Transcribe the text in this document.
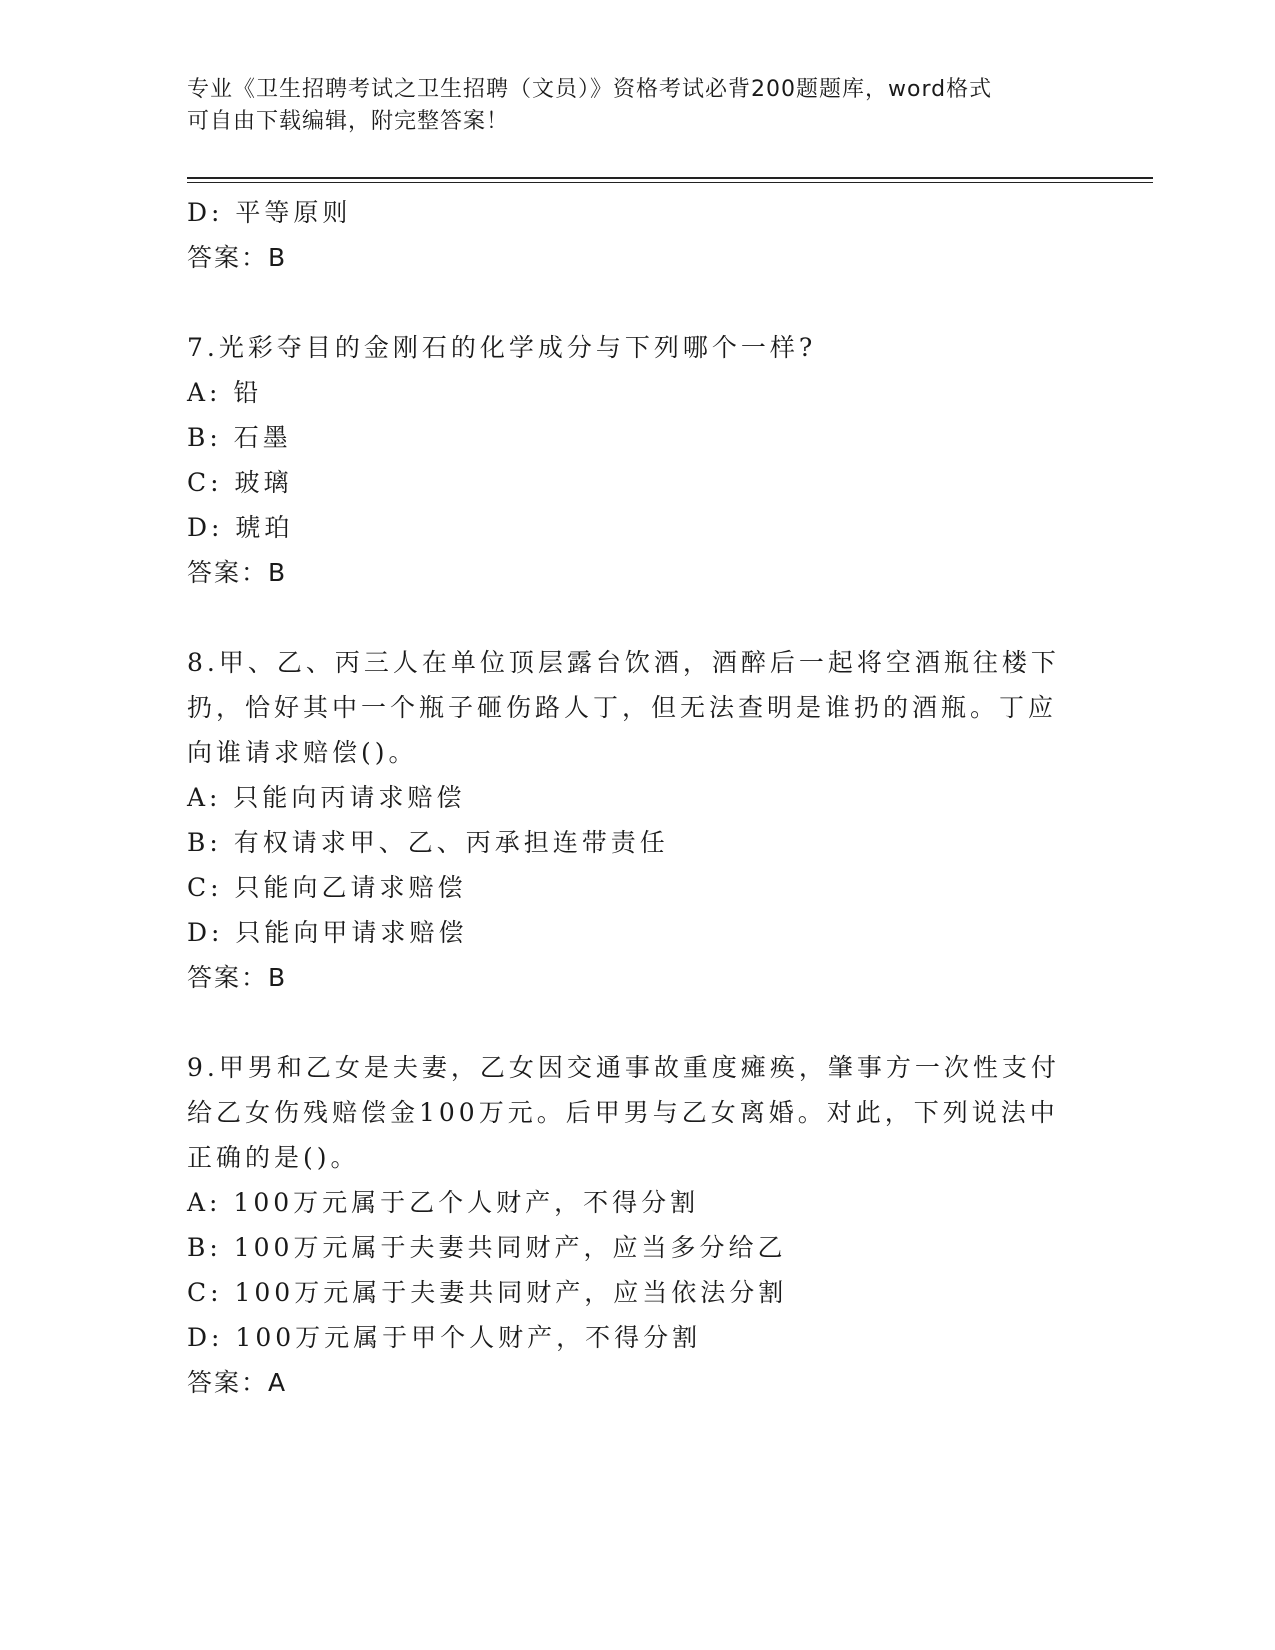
专业《卫生招聘考试之卫生招聘（文员）》资格考试必背200题题库，word格式
可自由下载编辑，附完整答案！
D: 平等原则
答案：B
7.光彩夺目的金刚石的化学成分与下列哪个一样?
A: 铅
B: 石墨
C: 玻璃
D: 琥珀
答案：B
8.甲、乙、丙三人在单位顶层露台饮酒，酒醉后一起将空酒瓶往楼下
扔，恰好其中一个瓶子砸伤路人丁，但无法查明是谁扔的酒瓶。丁应
向谁请求赔偿()。
A: 只能向丙请求赔偿
B: 有权请求甲、乙、丙承担连带责任
C: 只能向乙请求赔偿
D: 只能向甲请求赔偿
答案：B
9.甲男和乙女是夫妻，乙女因交通事故重度瘫痪，肇事方一次性支付
给乙女伤残赔偿金100万元。后甲男与乙女离婚。对此，下列说法中
正确的是()。
A: 100万元属于乙个人财产，不得分割
B: 100万元属于夫妻共同财产，应当多分给乙
C: 100万元属于夫妻共同财产，应当依法分割
D: 100万元属于甲个人财产，不得分割
答案：A
